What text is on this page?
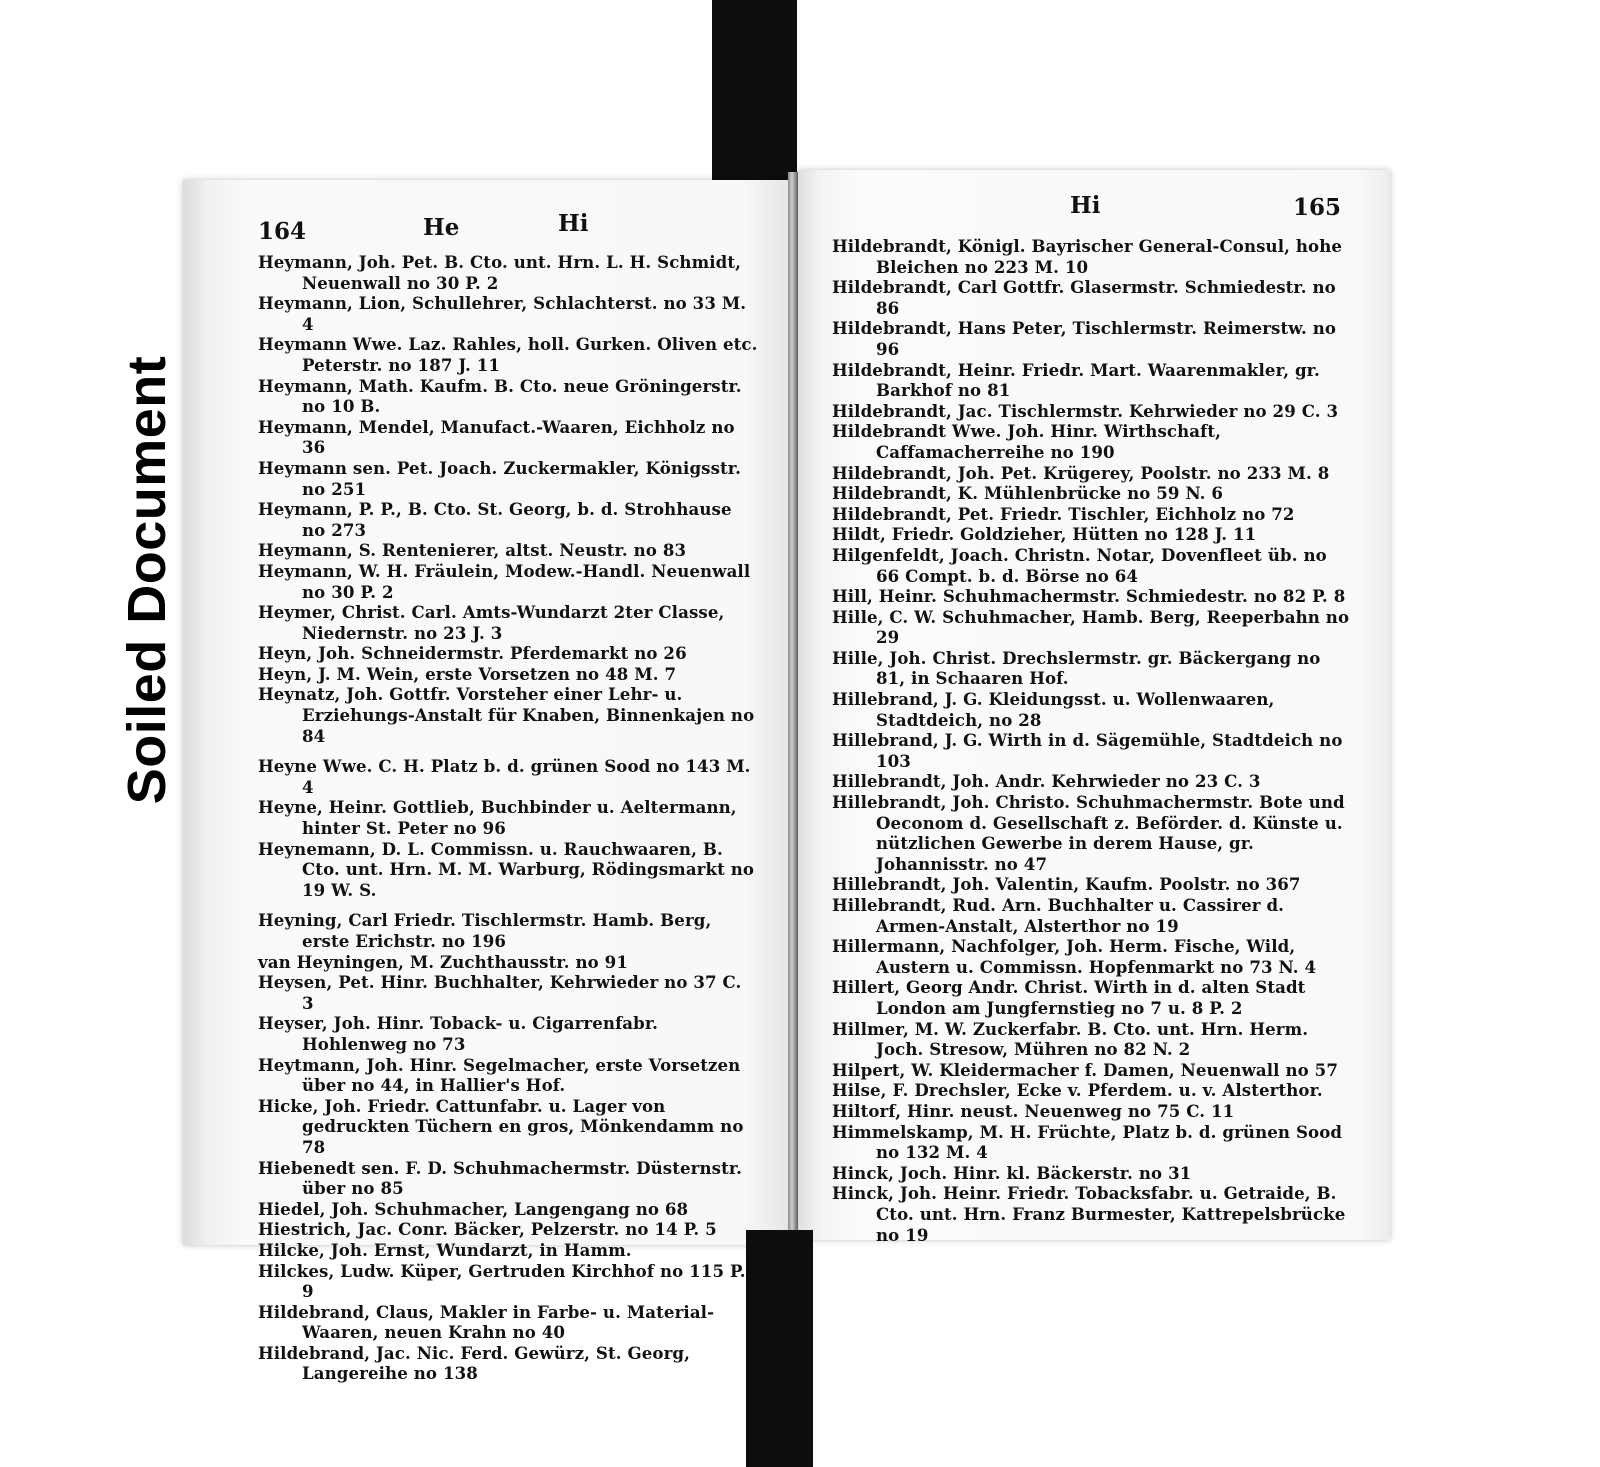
Soiled Document
164	He	Hi

Heymann, Joh. Pet. B. Cto. unt. Hrn. L. H. Schmidt, Neuenwall no 30 P. 2

Heymann, Lion, Schullehrer, Schlachterst. no 33 M. 4

Heymann Wwe. Laz. Rahles, holl. Gurken. Oliven etc. Peterstr. no 187 J. 11

Heymann, Math. Kaufm. B. Cto. neue Gröningerstr. no 10 B.

Heymann, Mendel, Manufact.-Waaren, Eichholz no 36

Heymann sen. Pet. Joach. Zuckermakler, Königsstr. no 251

Heymann, P. P., B. Cto. St. Georg, b. d. Strohhause no 273

Heymann, S. Rentenierer, altst. Neustr. no 83

Heymann, W. H. Fräulein, Modew.-Handl. Neuenwall no 30 P. 2

Heymer, Christ. Carl. Amts-Wundarzt 2ter Classe, Niedernstr. no 23 J. 3

Heyn, Joh. Schneidermstr. Pferdemarkt no 26

Heyn, J. M. Wein, erste Vorsetzen no 48 M. 7

Heynatz, Joh. Gottfr. Vorsteher einer Lehr- u. Erziehungs-Anstalt für Knaben, Binnenkajen no 84

Heyne Wwe. C. H. Platz b. d. grünen Sood no 143 M. 4

Heyne, Heinr. Gottlieb, Buchbinder u. Aeltermann, hinter St. Peter no 96

Heynemann, D. L. Commissn. u. Rauchwaaren, B. Cto. unt. Hrn. M. M. Warburg, Rödingsmarkt no 19 W. S.

Heyning, Carl Friedr. Tischlermstr. Hamb. Berg, erste Erichstr. no 196

van Heyningen, M. Zuchthausstr. no 91

Heysen, Pet. Hinr. Buchhalter, Kehrwieder no 37 C. 3

Heyser, Joh. Hinr. Toback- u. Cigarrenfabr. Hohlenweg no 73

Heytmann, Joh. Hinr. Segelmacher, erste Vorsetzen über no 44, in Hallier's Hof.

Hicke, Joh. Friedr. Cattunfabr. u. Lager von gedruckten Tüchern en gros, Mönkendamm no 78

Hiebenedt sen. F. D. Schuhmachermstr. Düsternstr. über no 85

Hiedel, Joh. Schuhmacher, Langengang no 68

Hiestrich, Jac. Conr. Bäcker, Pelzerstr. no 14 P. 5

Hilcke, Joh. Ernst, Wundarzt, in Hamm.

Hilckes, Ludw. Küper, Gertruden Kirchhof no 115 P. 9

Hildebrand, Claus, Makler in Farbe- u. Material-Waaren, neuen Krahn no 40

Hildebrand, Jac. Nic. Ferd. Gewürz, St. Georg, Langereihe no 138

Hi	165

Hildebrandt, Königl. Bayrischer General-Consul, hohe Bleichen no 223 M. 10

Hildebrandt, Carl Gottfr. Glasermstr. Schmiedestr. no 86

Hildebrandt, Hans Peter, Tischlermstr. Reimerstw. no 96

Hildebrandt, Heinr. Friedr. Mart. Waarenmakler, gr. Barkhof no 81

Hildebrandt, Jac. Tischlermstr. Kehrwieder no 29 C. 3

Hildebrandt Wwe. Joh. Hinr. Wirthschaft, Caffamacherreihe no 190

Hildebrandt, Joh. Pet. Krügerey, Poolstr. no 233 M. 8

Hildebrandt, K. Mühlenbrücke no 59 N. 6

Hildebrandt, Pet. Friedr. Tischler, Eichholz no 72

Hildt, Friedr. Goldzieher, Hütten no 128 J. 11

Hilgenfeldt, Joach. Christn. Notar, Dovenfleet üb. no 66 Compt. b. d. Börse no 64

Hill, Heinr. Schuhmachermstr. Schmiedestr. no 82 P. 8

Hille, C. W. Schuhmacher, Hamb. Berg, Reeperbahn no 29

Hille, Joh. Christ. Drechslermstr. gr. Bäckergang no 81, in Schaaren Hof.

Hillebrand, J. G. Kleidungsst. u. Wollenwaaren, Stadtdeich, no 28

Hillebrand, J. G. Wirth in d. Sägemühle, Stadtdeich no 103

Hillebrandt, Joh. Andr. Kehrwieder no 23 C. 3

Hillebrandt, Joh. Christo. Schuhmachermstr. Bote und Oeconom d. Gesellschaft z. Beförder. d. Künste u. nützlichen Gewerbe in derem Hause, gr. Johannisstr. no 47

Hillebrandt, Joh. Valentin, Kaufm. Poolstr. no 367

Hillebrandt, Rud. Arn. Buchhalter u. Cassirer d. Armen-Anstalt, Alsterthor no 19

Hillermann, Nachfolger, Joh. Herm. Fische, Wild, Austern u. Commissn. Hopfenmarkt no 73 N. 4

Hillert, Georg Andr. Christ. Wirth in d. alten Stadt London am Jungfernstieg no 7 u. 8 P. 2

Hillmer, M. W. Zuckerfabr. B. Cto. unt. Hrn. Herm. Joch. Stresow, Mühren no 82 N. 2

Hilpert, W. Kleidermacher f. Damen, Neuenwall no 57

Hilse, F. Drechsler, Ecke v. Pferdem. u. v. Alsterthor.

Hiltorf, Hinr. neust. Neuenweg no 75 C. 11

Himmelskamp, M. H. Früchte, Platz b. d. grünen Sood no 132 M. 4

Hinck, Joch. Hinr. kl. Bäckerstr. no 31

Hinck, Joh. Heinr. Friedr. Tobacksfabr. u. Getraide, B. Cto. unt. Hrn. Franz Burmester, Kattrepelsbrücke no 19
